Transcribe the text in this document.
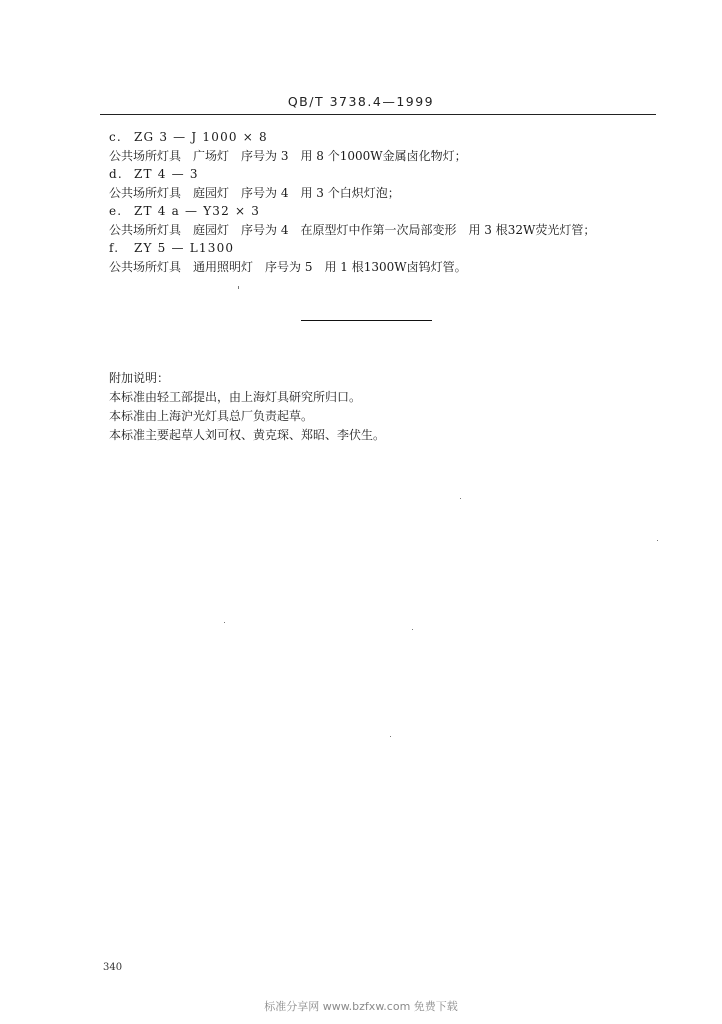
QB/T 3738.4—1999
c. ZG 3 — J 1000 × 8
公共场所灯具　广场灯　序号为 3　用 8 个1000W金属卤化物灯；
d. ZT 4 — 3
公共场所灯具　庭园灯　序号为 4　用 3 个白炽灯泡；
e. ZT 4 a — Y32 × 3
公共场所灯具　庭园灯　序号为 4　在原型灯中作第一次局部变形　用 3 根32W荧光灯管；
f. ZY 5 — L1300
公共场所灯具　通用照明灯　序号为 5　用 1 根1300W卤钨灯管。
附加说明：
本标准由轻工部提出，由上海灯具研究所归口。
本标准由上海沪光灯具总厂负责起草。
本标准主要起草人刘可权、黄克琛、郑昭、李伏生。
340
标准分享网 www.bzfxw.com 免费下载
